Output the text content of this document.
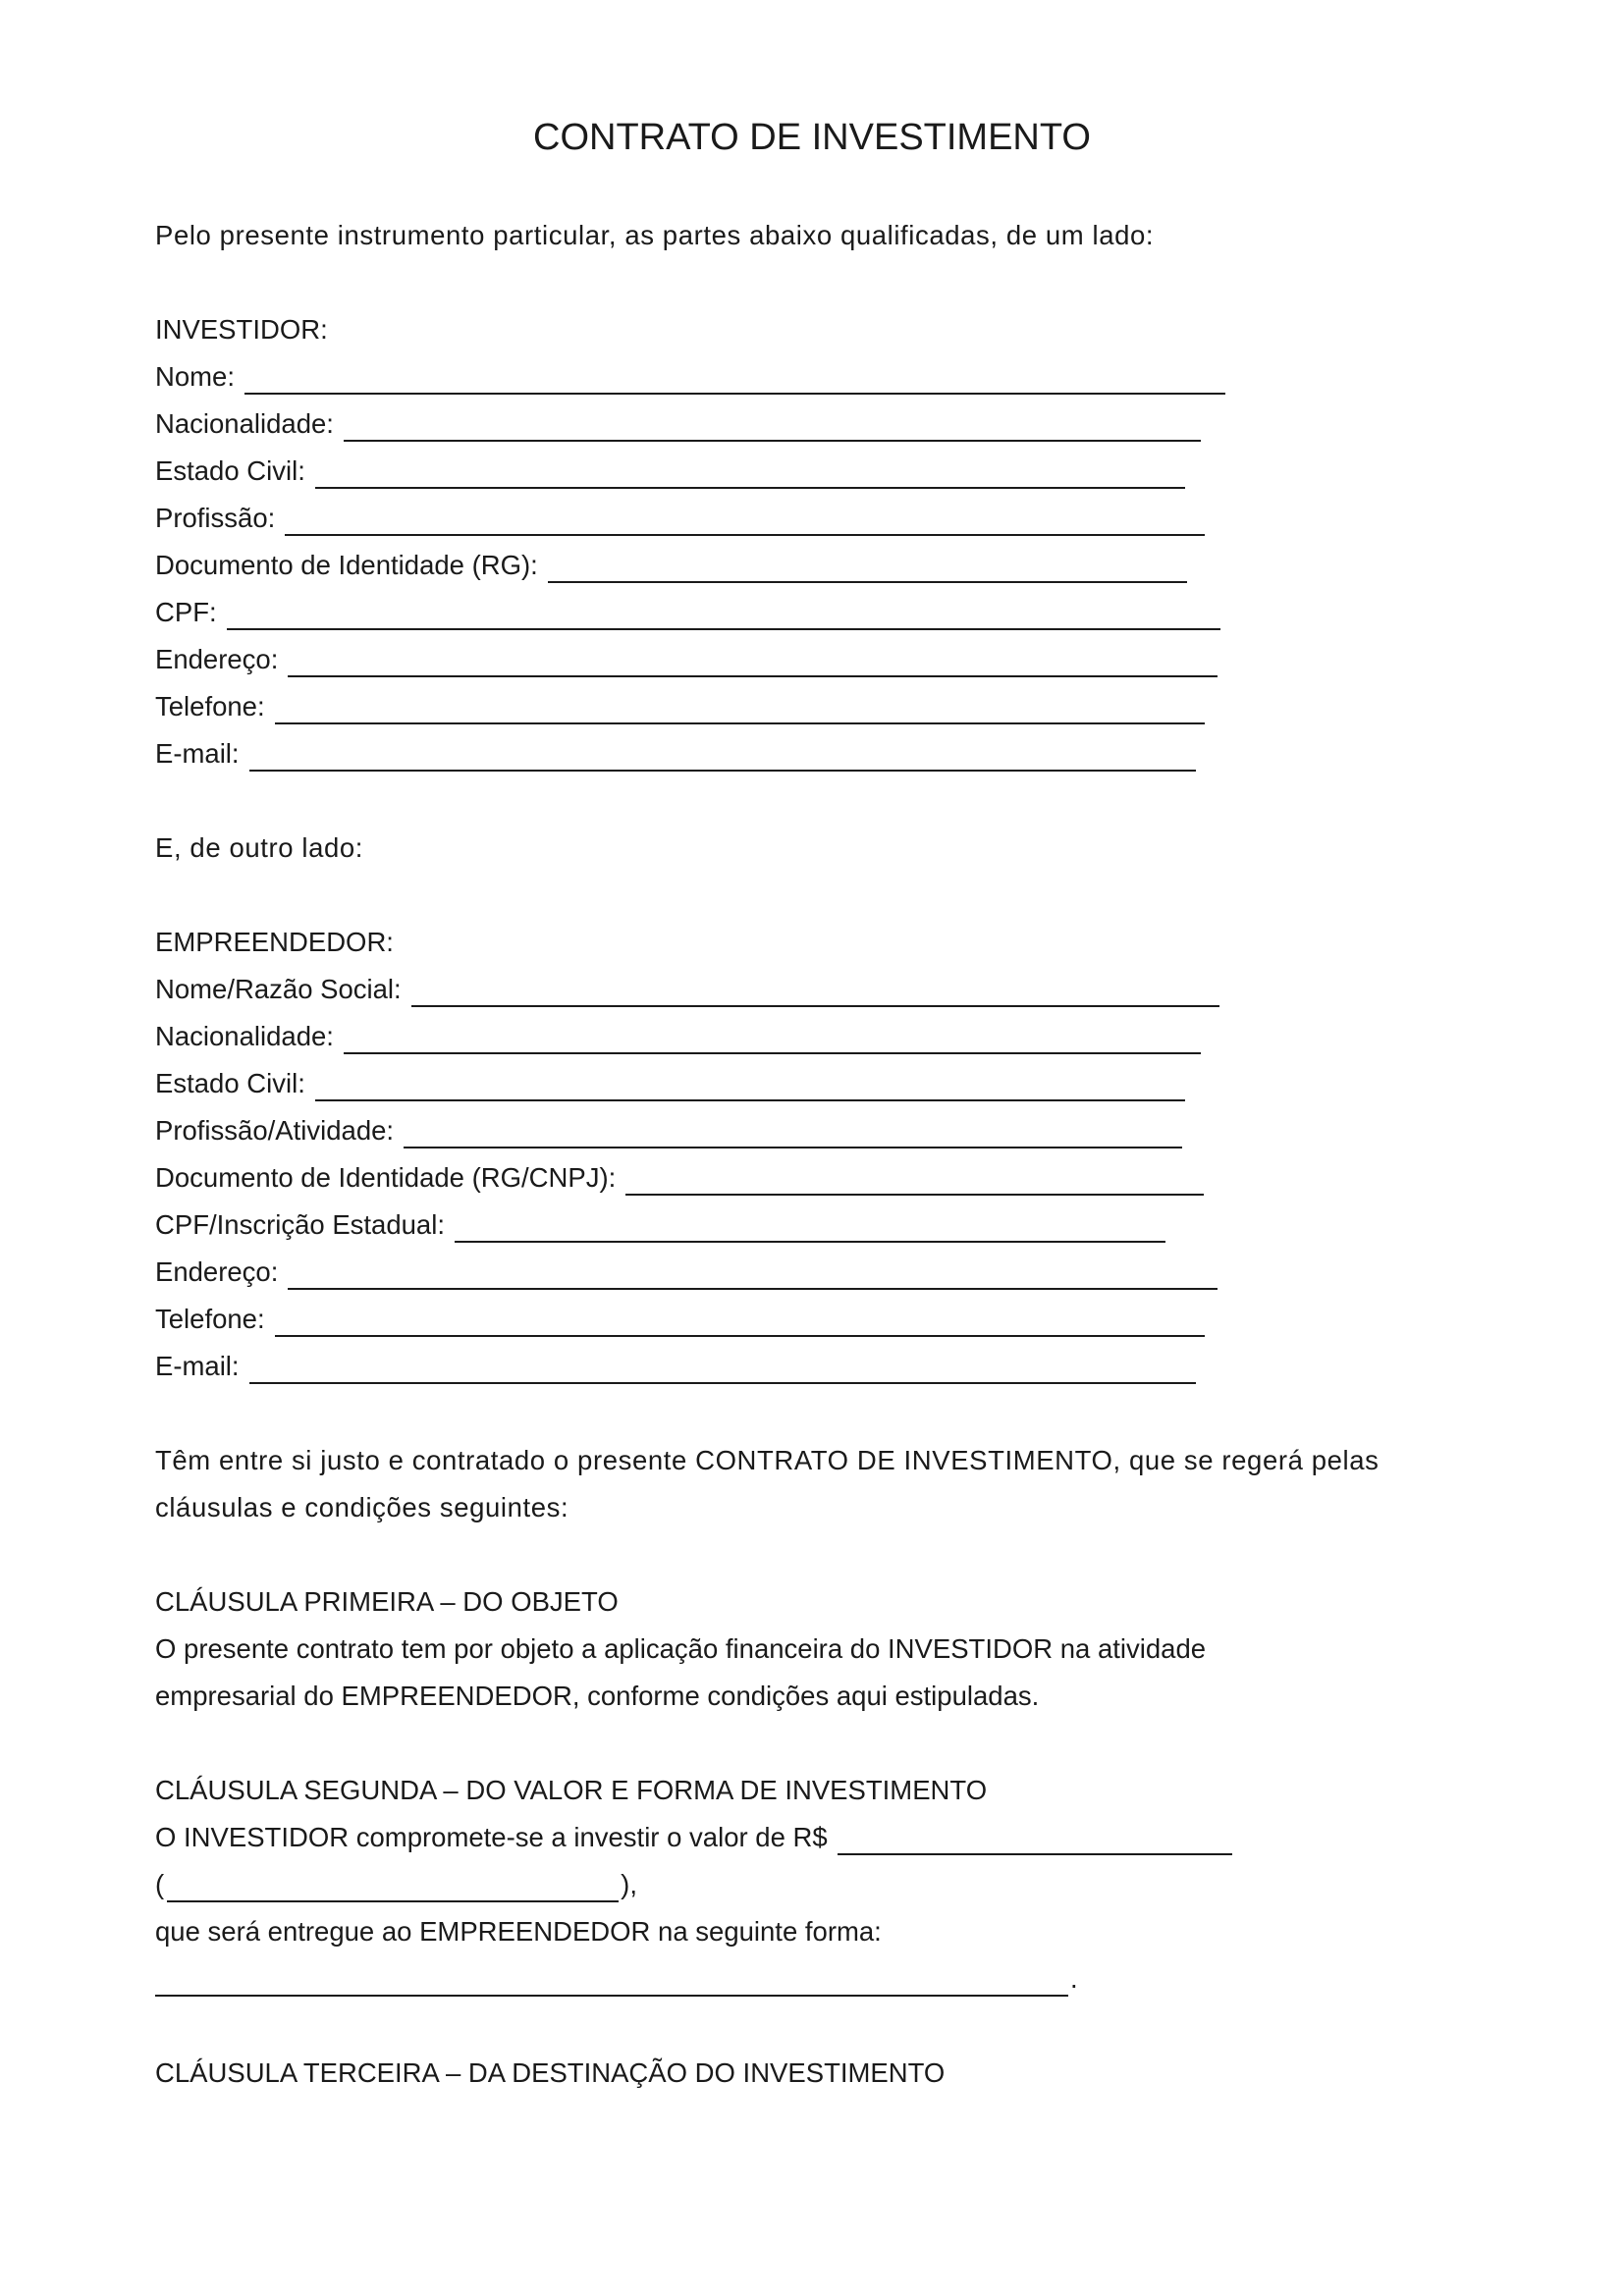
CONTRATO DE INVESTIMENTO
Pelo presente instrumento particular, as partes abaixo qualificadas, de um lado:
INVESTIDOR:
Nome:
Nacionalidade:
Estado Civil:
Profissão:
Documento de Identidade (RG):
CPF:
Endereço:
Telefone:
E-mail:
E, de outro lado:
EMPREENDEDOR:
Nome/Razão Social:
Nacionalidade:
Estado Civil:
Profissão/Atividade:
Documento de Identidade (RG/CNPJ):
CPF/Inscrição Estadual:
Endereço:
Telefone:
E-mail:
Têm entre si justo e contratado o presente CONTRATO DE INVESTIMENTO, que se regerá pelas
cláusulas e condições seguintes:
CLÁUSULA PRIMEIRA – DO OBJETO
O presente contrato tem por objeto a aplicação financeira do INVESTIDOR na atividade
empresarial do EMPREENDEDOR, conforme condições aqui estipuladas.
CLÁUSULA SEGUNDA – DO VALOR E FORMA DE INVESTIMENTO
O INVESTIDOR compromete-se a investir o valor de R$
(	),
que será entregue ao EMPREENDEDOR na seguinte forma:
.
CLÁUSULA TERCEIRA – DA DESTINAÇÃO DO INVESTIMENTO
